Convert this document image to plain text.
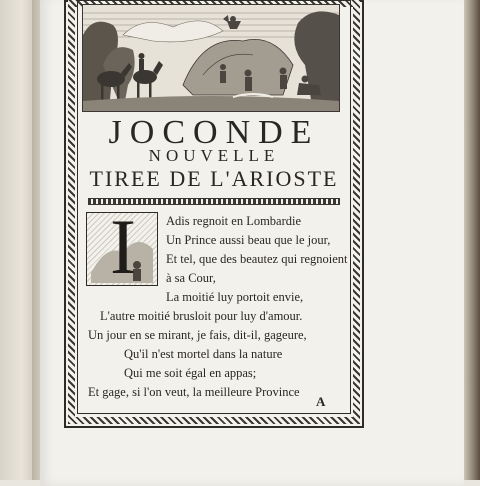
JOCONDE
NOUVELLE
TIREE DE L'ARIOSTE
I	Adis regnoit en Lombardie

Un Prince aussi beau que le jour,

Et tel, que des beautez qui regnoient

à sa Cour,

La moitié luy portoit envie,

L'autre moitié brusloit pour luy d'amour.

Un jour en se mirant, je fais, dit-il, gageure,

Qu'il n'est mortel dans la nature

Qui me soit égal en appas;

Et gage, si l'on veut, la meilleure Province

A
